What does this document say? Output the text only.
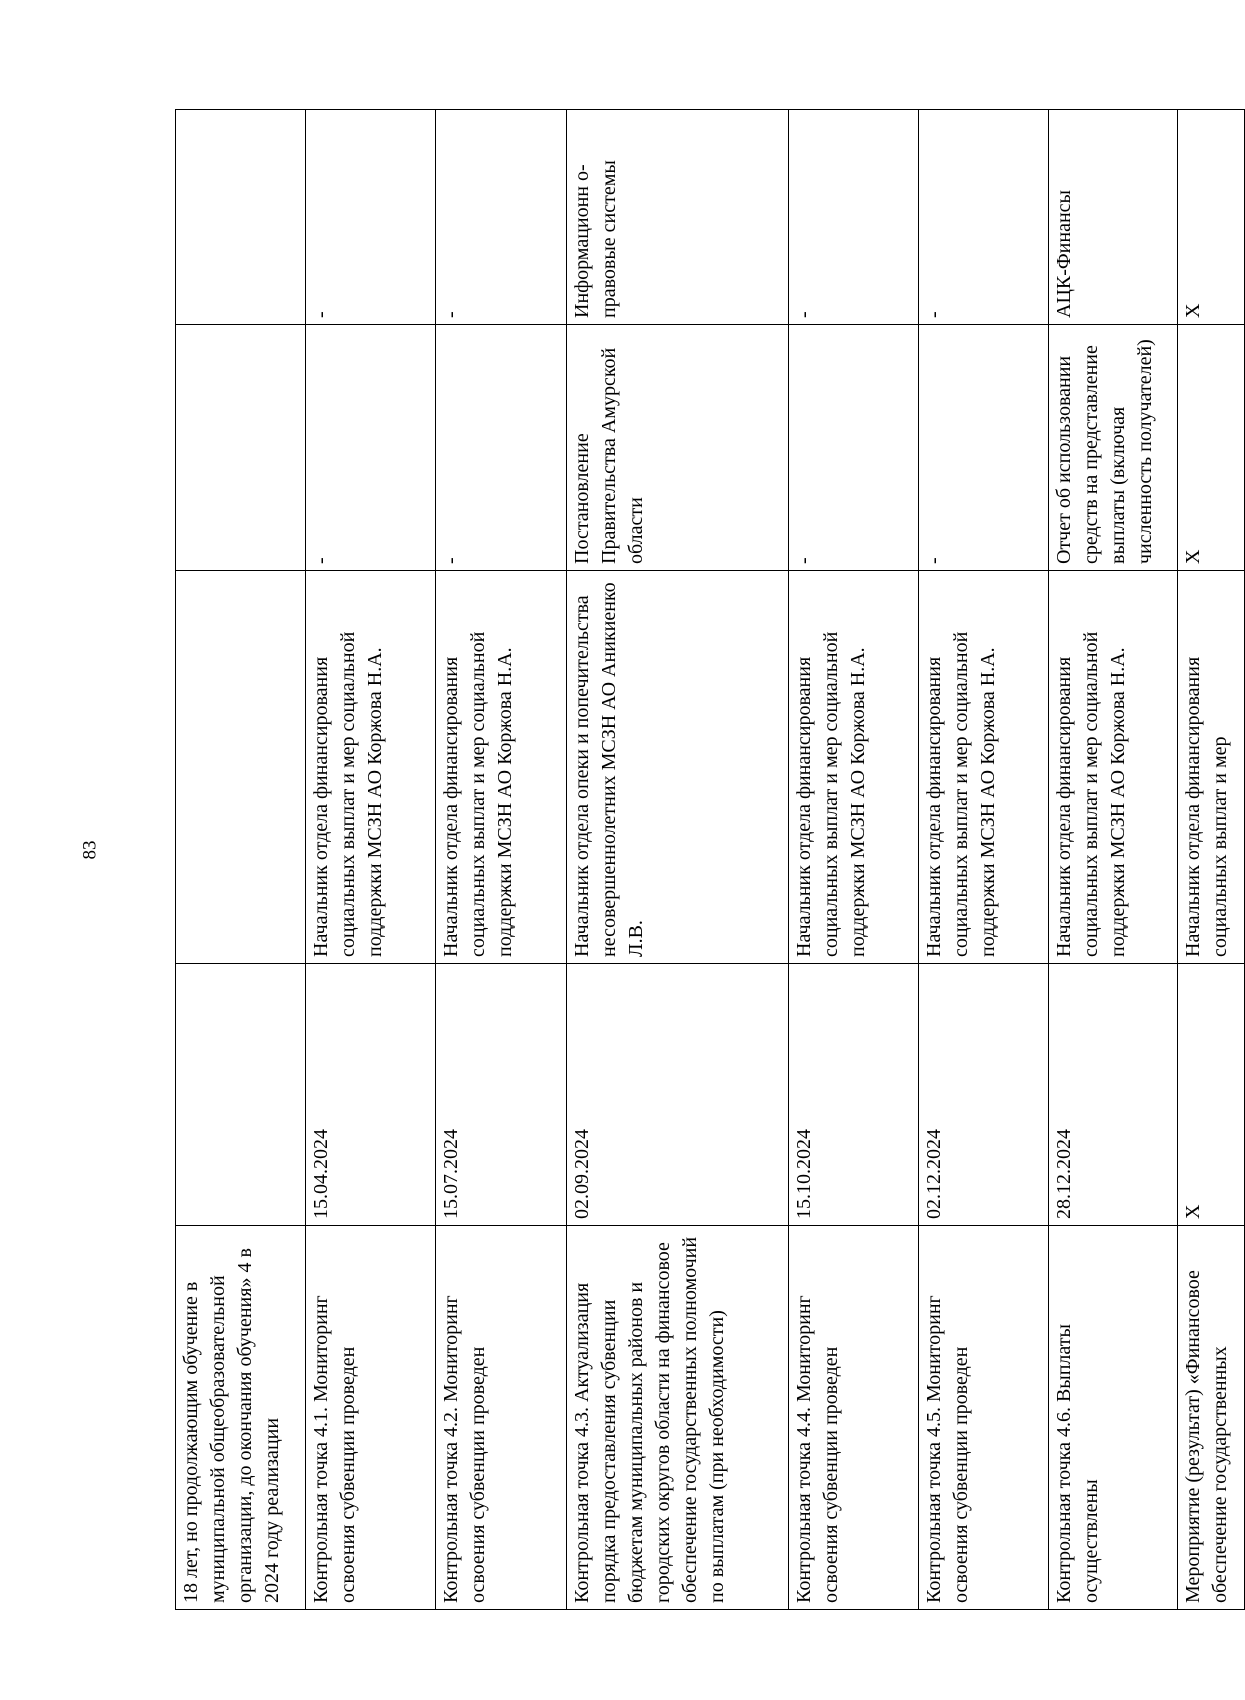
83
18 лет, но продолжающим обучение в муниципальной общеобразовательной организации, до окончания обучения» 4 в 2024 году реализации				
Контрольная точка 4.1. Мониторинг освоения субвенции проведен	15.04.2024	Начальник отдела финансирования социальных выплат и мер социальной поддержки МСЗН АО Коржова Н.А.	-	-
Контрольная точка 4.2. Мониторинг освоения субвенции проведен	15.07.2024	Начальник отдела финансирования социальных выплат и мер социальной поддержки МСЗН АО Коржова Н.А.	-	-
Контрольная точка 4.3. Актуализация порядка предоставления субвенции бюджетам муниципальных районов и городских округов области на финансовое обеспечение государственных полномочий по выплатам (при необходимости)	02.09.2024	Начальник отдела опеки и попечительства несовершеннолетних МСЗН АО Аникиенко Л.В.	Постановление Правительства Амурской области	Информационн о-правовые системы
Контрольная точка 4.4. Мониторинг освоения субвенции проведен	15.10.2024	Начальник отдела финансирования социальных выплат и мер социальной поддержки МСЗН АО Коржова Н.А.	-	-
Контрольная точка 4.5. Мониторинг освоения субвенции проведен	02.12.2024	Начальник отдела финансирования социальных выплат и мер социальной поддержки МСЗН АО Коржова Н.А.	-	-
Контрольная точка 4.6. Выплаты осуществлены	28.12.2024	Начальник отдела финансирования социальных выплат и мер социальной поддержки МСЗН АО Коржова Н.А.	Отчет об использовании средств на представление выплаты (включая численность получателей)	АЦК-Финансы
Мероприятие (результат) «Финансовое обеспечение государственных	X	Начальник отдела финансирования социальных выплат и мер	X	X
